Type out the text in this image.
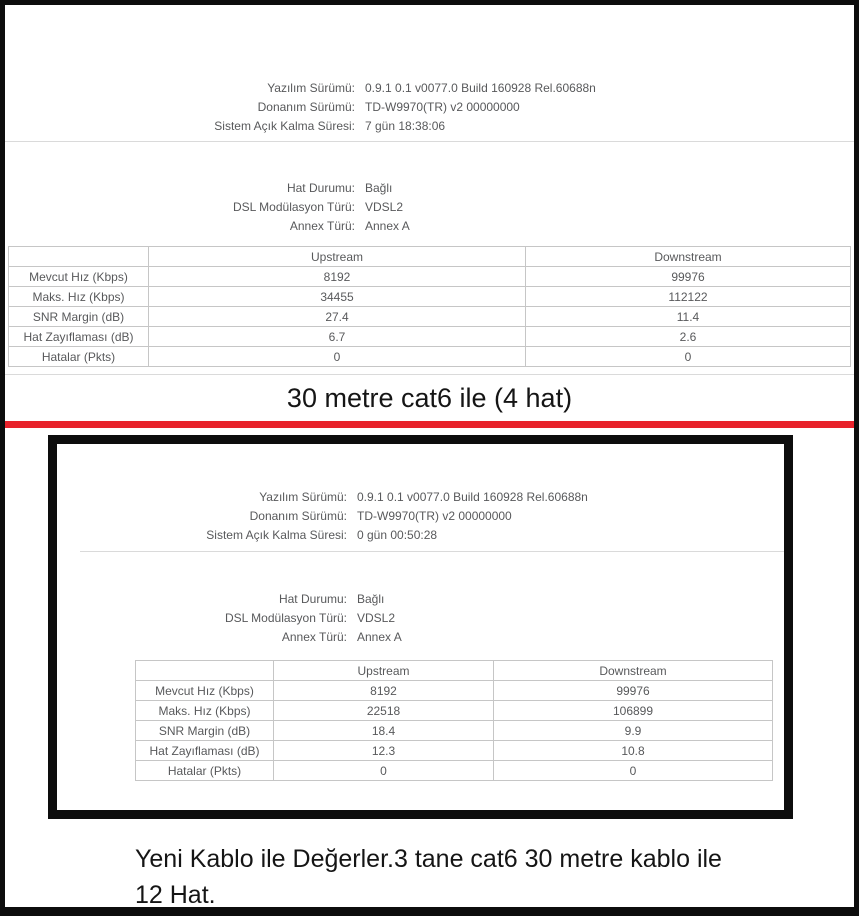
Yazılım Sürümü: 0.9.1 0.1 v0077.0 Build 160928 Rel.60688n
Donanım Sürümü: TD-W9970(TR) v2 00000000
Sistem Açık Kalma Süresi: 7 gün 18:38:06
Hat Durumu: Bağlı
DSL Modülasyon Türü: VDSL2
Annex Türü: Annex A
	Upstream	Downstream
Mevcut Hız (Kbps)	8192	99976
Maks. Hız (Kbps)	34455	112122
SNR Margin (dB)	27.4	11.4
Hat Zayıflaması (dB)	6.7	2.6
Hatalar (Pkts)	0	0
30 metre cat6 ile (4 hat)
Yazılım Sürümü: 0.9.1 0.1 v0077.0 Build 160928 Rel.60688n
Donanım Sürümü: TD-W9970(TR) v2 00000000
Sistem Açık Kalma Süresi: 0 gün 00:50:28
Hat Durumu: Bağlı
DSL Modülasyon Türü: VDSL2
Annex Türü: Annex A
	Upstream	Downstream
Mevcut Hız (Kbps)	8192	99976
Maks. Hız (Kbps)	22518	106899
SNR Margin (dB)	18.4	9.9
Hat Zayıflaması (dB)	12.3	10.8
Hatalar (Pkts)	0	0
Yeni Kablo ile Değerler.3 tane cat6 30 metre kablo ile
12 Hat.
